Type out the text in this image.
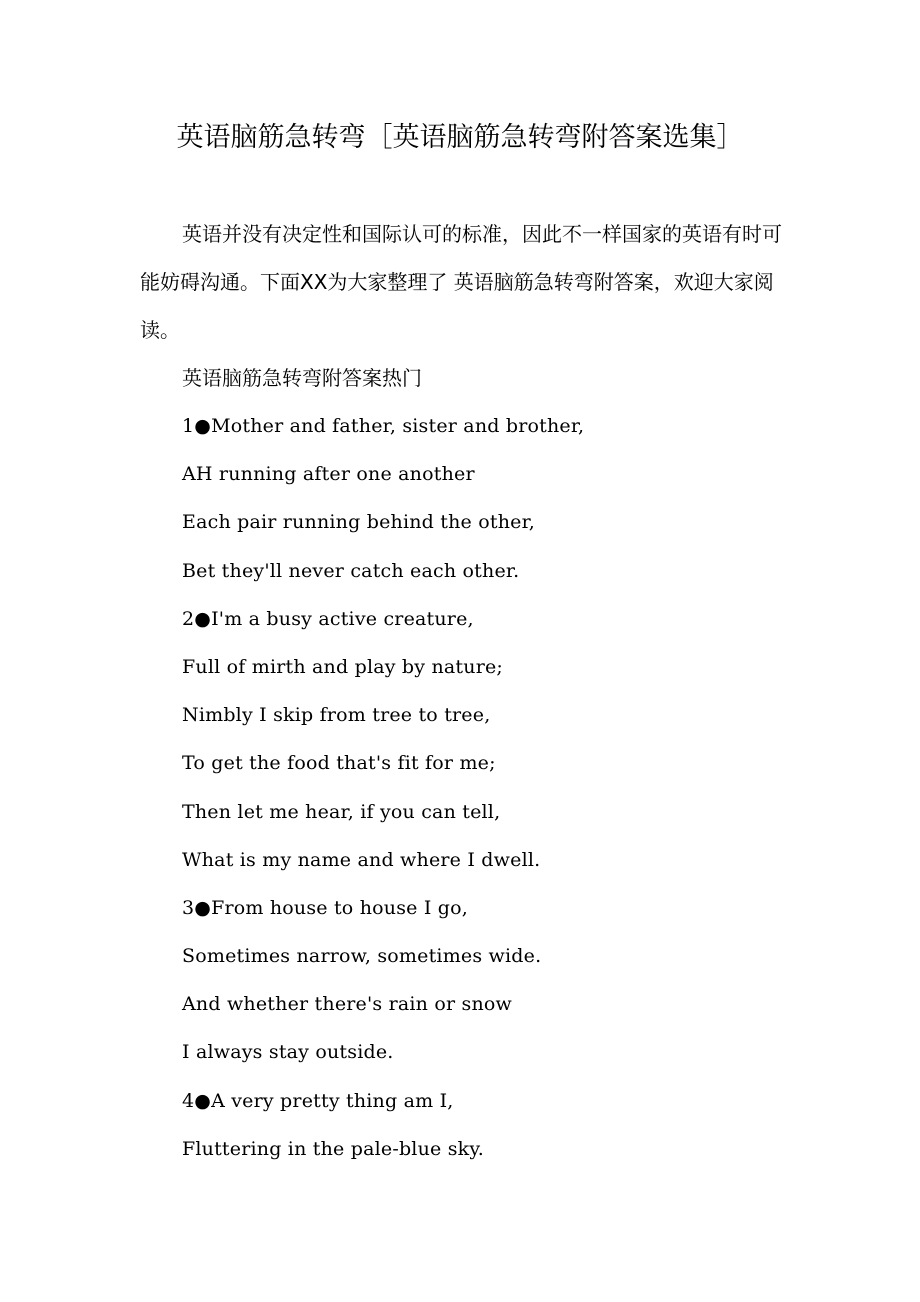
英语脑筋急转弯［英语脑筋急转弯附答案选集］

英语并没有决定性和国际认可的标准，因此不一样国家的英语有时可能妨碍沟通。下面XX为大家整理了 英语脑筋急转弯附答案，欢迎大家阅读。

英语脑筋急转弯附答案热门
1●Mother and father, sister and brother,
AH running after one another
Each pair running behind the other,
Bet they'll never catch each other.
2●I'm a busy active creature,
Full of mirth and play by nature;
Nimbly I skip from tree to tree,
To get the food that's fit for me;
Then let me hear, if you can tell,
What is my name and where I dwell.
3●From house to house I go,
Sometimes narrow, sometimes wide.
And whether there's rain or snow
I always stay outside.
4●A very pretty thing am I,
Fluttering in the pale-blue sky.
